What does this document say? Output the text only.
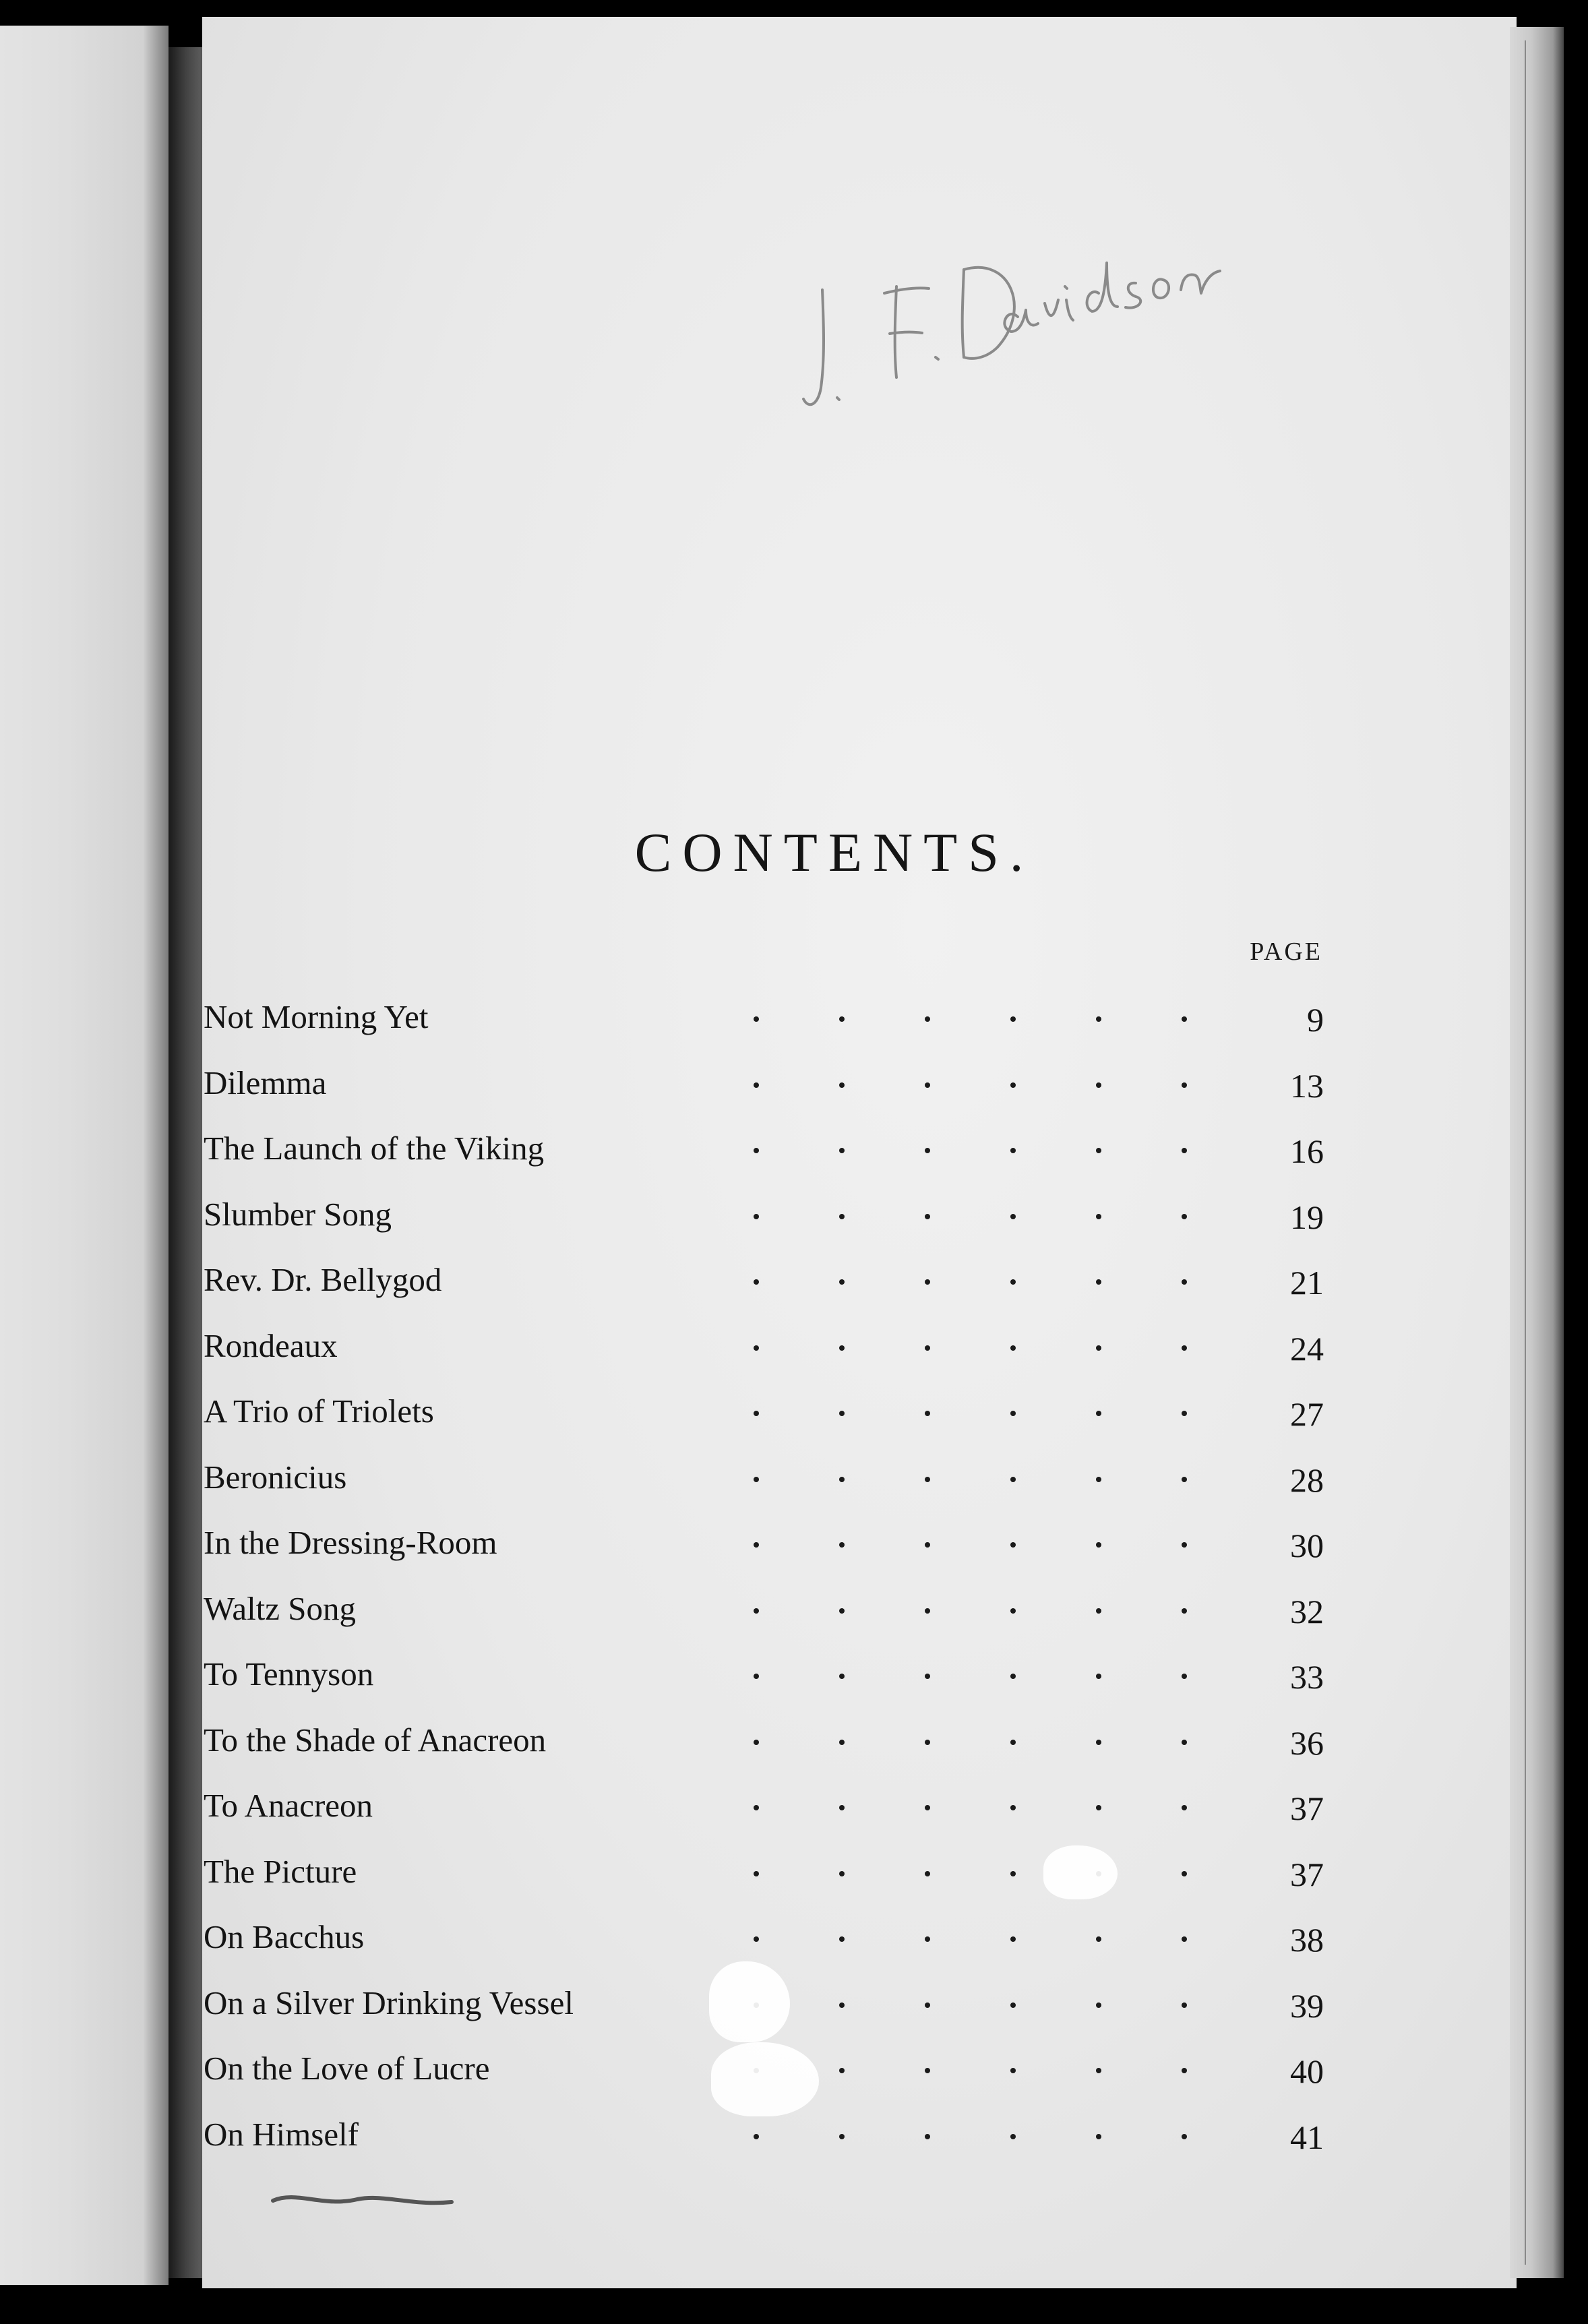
CONTENTS.
PAGE
Not Morning Yet	9
Dilemma	13
The Launch of the Viking	16
Slumber Song	19
Rev. Dr. Bellygod	21
Rondeaux	24
A Trio of Triolets	27
Beronicius	28
In the Dressing-Room	30
Waltz Song	32
To Tennyson	33
To the Shade of Anacreon	36
To Anacreon	37
The Picture	37
On Bacchus	38
On a Silver Drinking Vessel	39
On the Love of Lucre	40
On Himself	41
